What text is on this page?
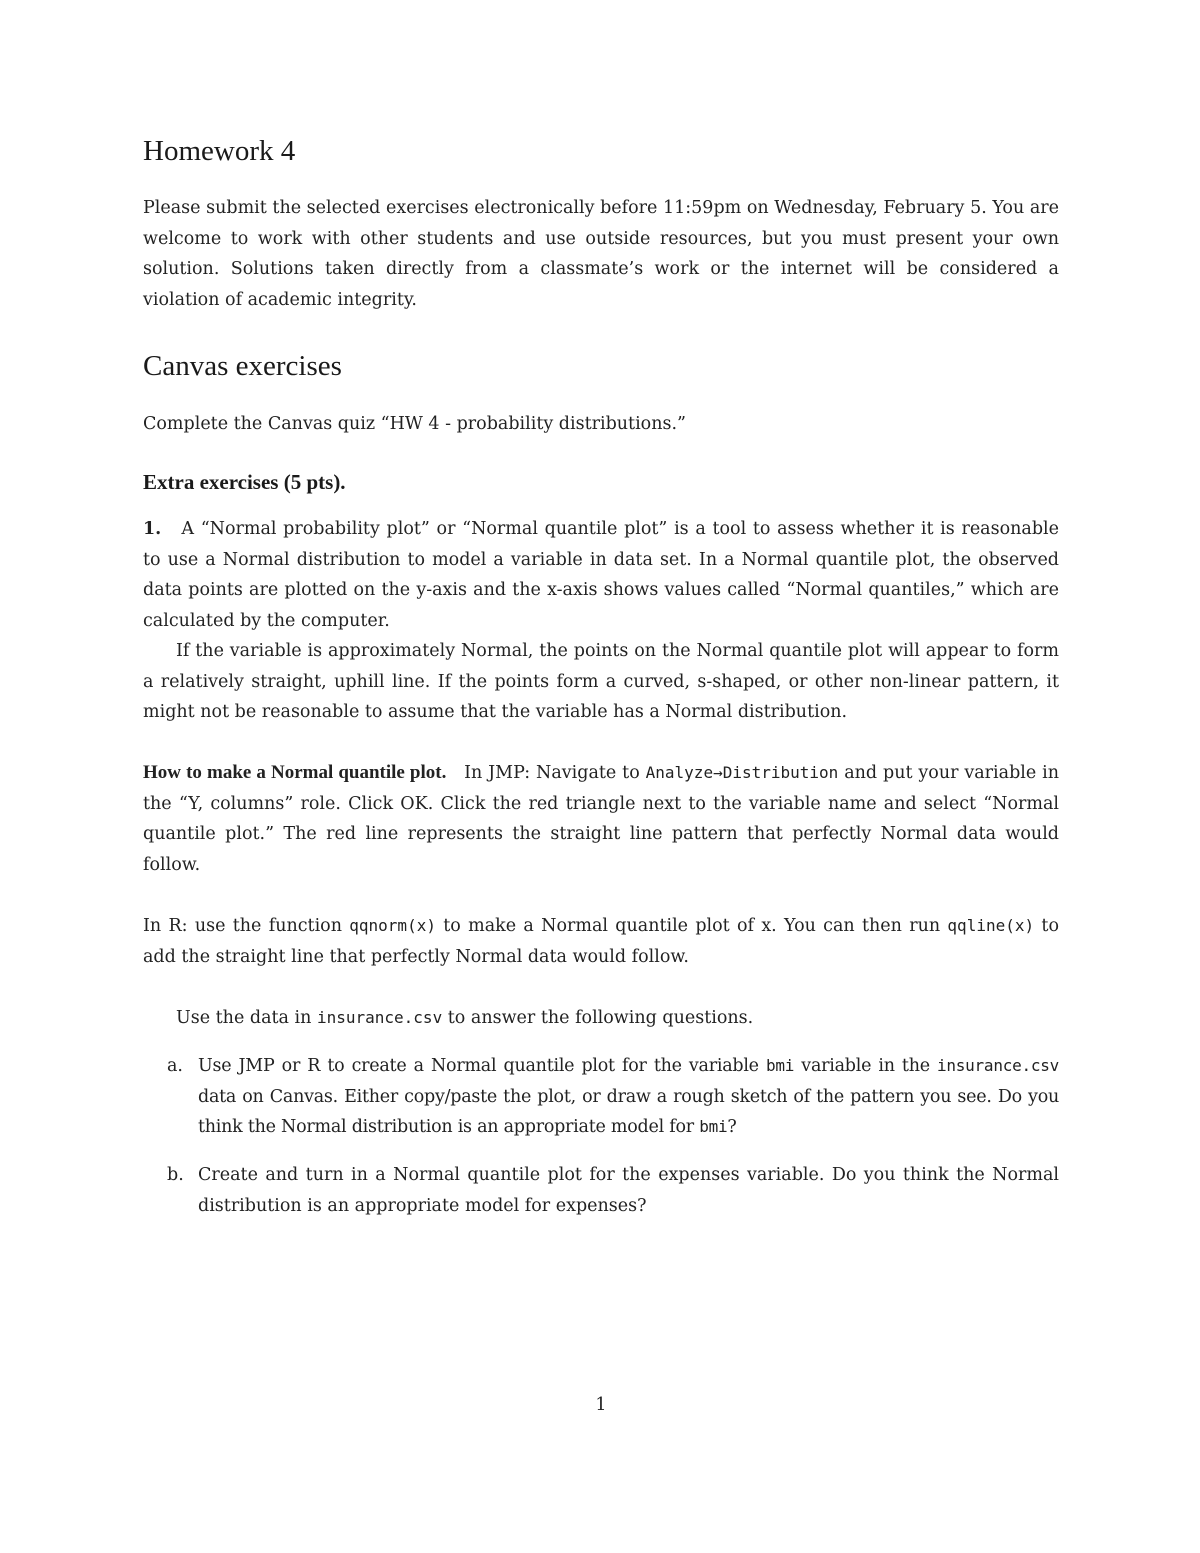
Homework 4

Please submit the selected exercises electronically before 11:59pm on Wednesday, February 5. You are welcome to work with other students and use outside resources, but you must present your own solution. Solutions taken directly from a classmate’s work or the internet will be considered a violation of academic integrity.

Canvas exercises

Complete the Canvas quiz “HW 4 - probability distributions.”

Extra exercises (5 pts).

1. A “Normal probability plot” or “Normal quantile plot” is a tool to assess whether it is reasonable to use a Normal distribution to model a variable in data set. In a Normal quantile plot, the observed data points are plotted on the y-axis and the x-axis shows values called “Normal quantiles,” which are calculated by the computer.

If the variable is approximately Normal, the points on the Normal quantile plot will appear to form a relatively straight, uphill line. If the points form a curved, s-shaped, or other non-linear pattern, it might not be reasonable to assume that the variable has a Normal distribution.

How to make a Normal quantile plot. In JMP: Navigate to Analyze→Distribution and put your variable in the “Y, columns” role. Click OK. Click the red triangle next to the variable name and select “Normal quantile plot.” The red line represents the straight line pattern that perfectly Normal data would follow.

In R: use the function qqnorm(x) to make a Normal quantile plot of x. You can then run qqline(x) to add the straight line that perfectly Normal data would follow.

Use the data in insurance.csv to answer the following questions.

a. Use JMP or R to create a Normal quantile plot for the variable bmi variable in the insurance.csv data on Canvas. Either copy/paste the plot, or draw a rough sketch of the pattern you see. Do you think the Normal distribution is an appropriate model for bmi?

b. Create and turn in a Normal quantile plot for the expenses variable. Do you think the Normal distribution is an appropriate model for expenses?

1
